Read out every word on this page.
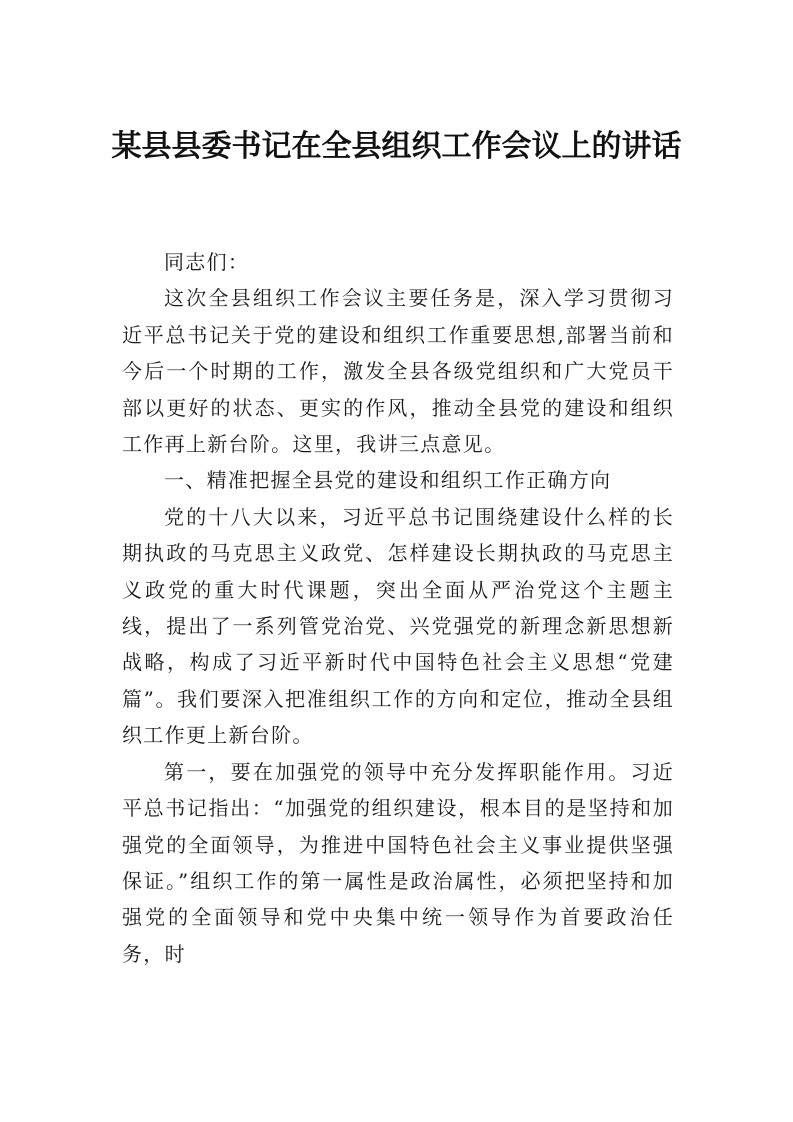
某县县委书记在全县组织工作会议上的讲话

同志们：

这次全县组织工作会议主要任务是，深入学习贯彻习近平总书记关于党的建设和组织工作重要思想,部署当前和今后一个时期的工作，激发全县各级党组织和广大党员干部以更好的状态、更实的作风，推动全县党的建设和组织工作再上新台阶。这里，我讲三点意见。

一、精准把握全县党的建设和组织工作正确方向

党的十八大以来，习近平总书记围绕建设什么样的长期执政的马克思主义政党、怎样建设长期执政的马克思主义政党的重大时代课题，突出全面从严治党这个主题主线，提出了一系列管党治党、兴党强党的新理念新思想新战略，构成了习近平新时代中国特色社会主义思想“党建篇”。我们要深入把准组织工作的方向和定位，推动全县组织工作更上新台阶。

第一，要在加强党的领导中充分发挥职能作用。习近平总书记指出：“加强党的组织建设，根本目的是坚持和加强党的全面领导，为推进中国特色社会主义事业提供坚强保证。”组织工作的第一属性是政治属性，必须把坚持和加强党的全面领导和党中央集中统一领导作为首要政治任务，时
